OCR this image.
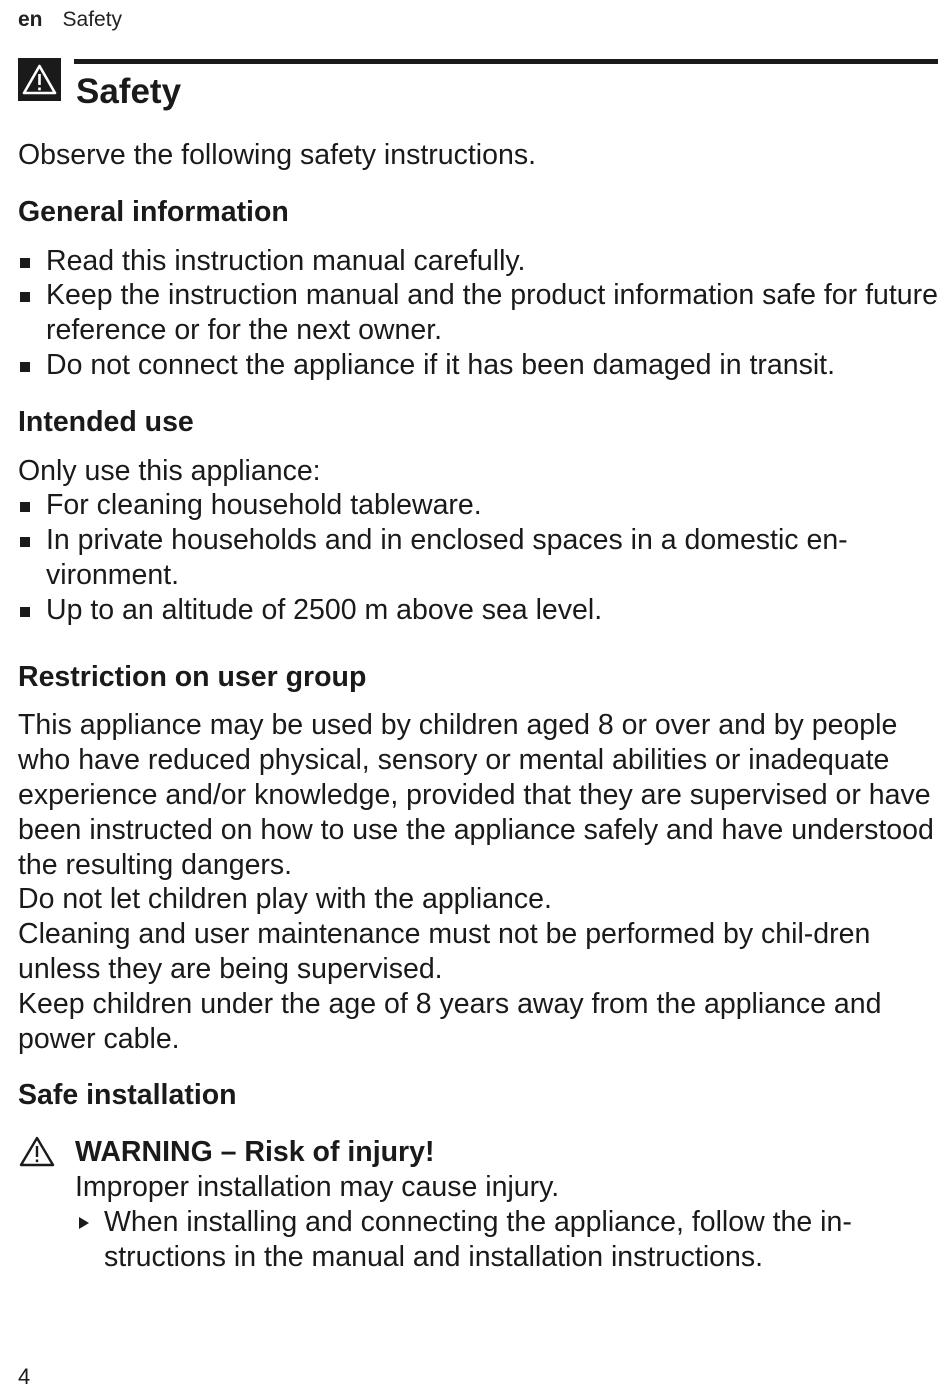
en Safety
Safety

Observe the following safety instructions.

General information
Read this instruction manual carefully.
Keep the instruction manual and the product information safe for future reference or for the next owner.
Do not connect the appliance if it has been damaged in transit.
Intended use

Only use this appliance:

For cleaning household tableware.
In private households and in enclosed spaces in a domestic en-vironment.
Up to an altitude of 2500 m above sea level.
Restriction on user group

This appliance may be used by children aged 8 or over and by people who have reduced physical, sensory or mental abilities or inadequate experience and/or knowledge, provided that they are supervised or have been instructed on how to use the appliance safely and have understood the resulting dangers.

Do not let children play with the appliance.

Cleaning and user maintenance must not be performed by chil-dren unless they are being supervised.

Keep children under the age of 8 years away from the appliance and power cable.

Safe installation
WARNING – Risk of injury!
Improper installation may cause injury.
When installing and connecting the appliance, follow the in-structions in the manual and installation instructions.
4
